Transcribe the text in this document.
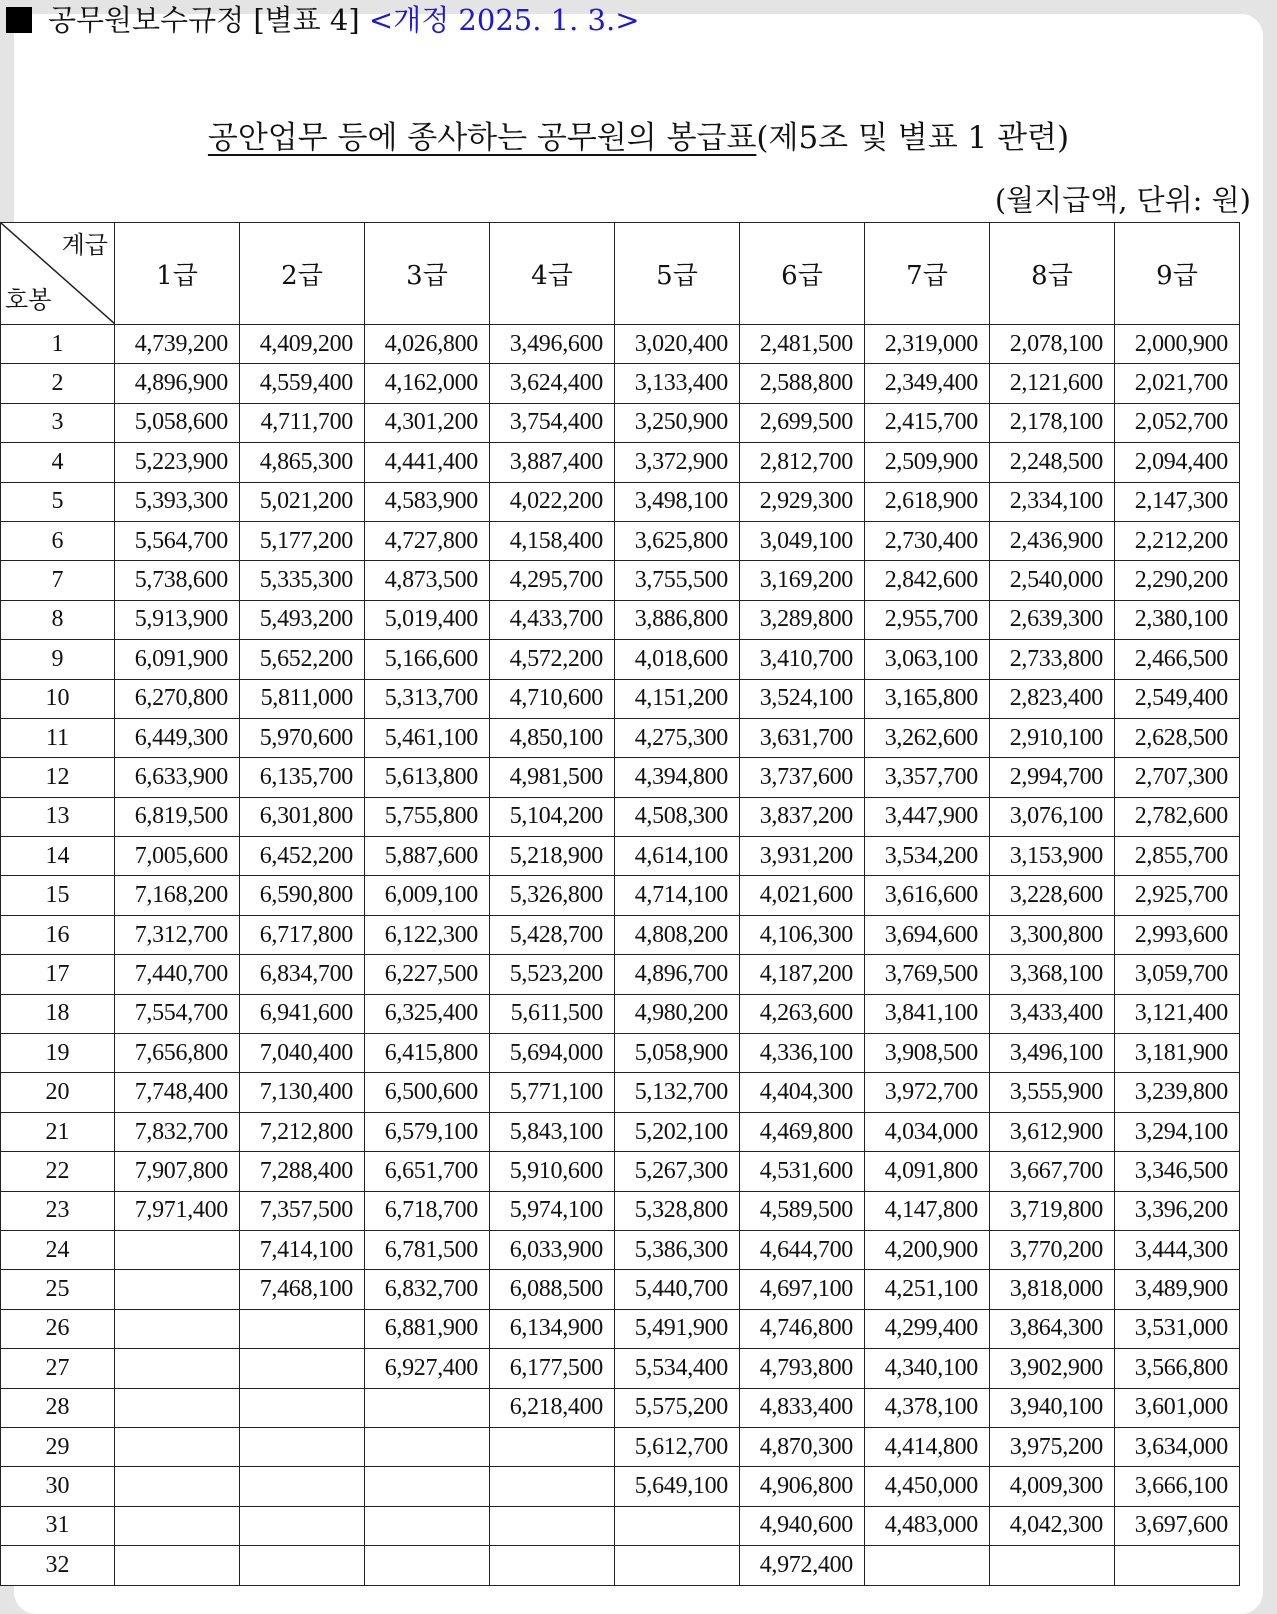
공무원보수규정 [별표 4] <개정 2025. 1. 3.>
공안업무 등에 종사하는 공무원의 봉급표(제5조 및 별표 1 관련)
(월지급액, 단위: 원)
계급
호봉	1급	2급	3급	4급	5급	6급	7급	8급	9급
1	4,739,200	4,409,200	4,026,800	3,496,600	3,020,400	2,481,500	2,319,000	2,078,100	2,000,900
2	4,896,900	4,559,400	4,162,000	3,624,400	3,133,400	2,588,800	2,349,400	2,121,600	2,021,700
3	5,058,600	4,711,700	4,301,200	3,754,400	3,250,900	2,699,500	2,415,700	2,178,100	2,052,700
4	5,223,900	4,865,300	4,441,400	3,887,400	3,372,900	2,812,700	2,509,900	2,248,500	2,094,400
5	5,393,300	5,021,200	4,583,900	4,022,200	3,498,100	2,929,300	2,618,900	2,334,100	2,147,300
6	5,564,700	5,177,200	4,727,800	4,158,400	3,625,800	3,049,100	2,730,400	2,436,900	2,212,200
7	5,738,600	5,335,300	4,873,500	4,295,700	3,755,500	3,169,200	2,842,600	2,540,000	2,290,200
8	5,913,900	5,493,200	5,019,400	4,433,700	3,886,800	3,289,800	2,955,700	2,639,300	2,380,100
9	6,091,900	5,652,200	5,166,600	4,572,200	4,018,600	3,410,700	3,063,100	2,733,800	2,466,500
10	6,270,800	5,811,000	5,313,700	4,710,600	4,151,200	3,524,100	3,165,800	2,823,400	2,549,400
11	6,449,300	5,970,600	5,461,100	4,850,100	4,275,300	3,631,700	3,262,600	2,910,100	2,628,500
12	6,633,900	6,135,700	5,613,800	4,981,500	4,394,800	3,737,600	3,357,700	2,994,700	2,707,300
13	6,819,500	6,301,800	5,755,800	5,104,200	4,508,300	3,837,200	3,447,900	3,076,100	2,782,600
14	7,005,600	6,452,200	5,887,600	5,218,900	4,614,100	3,931,200	3,534,200	3,153,900	2,855,700
15	7,168,200	6,590,800	6,009,100	5,326,800	4,714,100	4,021,600	3,616,600	3,228,600	2,925,700
16	7,312,700	6,717,800	6,122,300	5,428,700	4,808,200	4,106,300	3,694,600	3,300,800	2,993,600
17	7,440,700	6,834,700	6,227,500	5,523,200	4,896,700	4,187,200	3,769,500	3,368,100	3,059,700
18	7,554,700	6,941,600	6,325,400	5,611,500	4,980,200	4,263,600	3,841,100	3,433,400	3,121,400
19	7,656,800	7,040,400	6,415,800	5,694,000	5,058,900	4,336,100	3,908,500	3,496,100	3,181,900
20	7,748,400	7,130,400	6,500,600	5,771,100	5,132,700	4,404,300	3,972,700	3,555,900	3,239,800
21	7,832,700	7,212,800	6,579,100	5,843,100	5,202,100	4,469,800	4,034,000	3,612,900	3,294,100
22	7,907,800	7,288,400	6,651,700	5,910,600	5,267,300	4,531,600	4,091,800	3,667,700	3,346,500
23	7,971,400	7,357,500	6,718,700	5,974,100	5,328,800	4,589,500	4,147,800	3,719,800	3,396,200
24		7,414,100	6,781,500	6,033,900	5,386,300	4,644,700	4,200,900	3,770,200	3,444,300
25		7,468,100	6,832,700	6,088,500	5,440,700	4,697,100	4,251,100	3,818,000	3,489,900
26			6,881,900	6,134,900	5,491,900	4,746,800	4,299,400	3,864,300	3,531,000
27			6,927,400	6,177,500	5,534,400	4,793,800	4,340,100	3,902,900	3,566,800
28				6,218,400	5,575,200	4,833,400	4,378,100	3,940,100	3,601,000
29					5,612,700	4,870,300	4,414,800	3,975,200	3,634,000
30					5,649,100	4,906,800	4,450,000	4,009,300	3,666,100
31						4,940,600	4,483,000	4,042,300	3,697,600
32						4,972,400			
